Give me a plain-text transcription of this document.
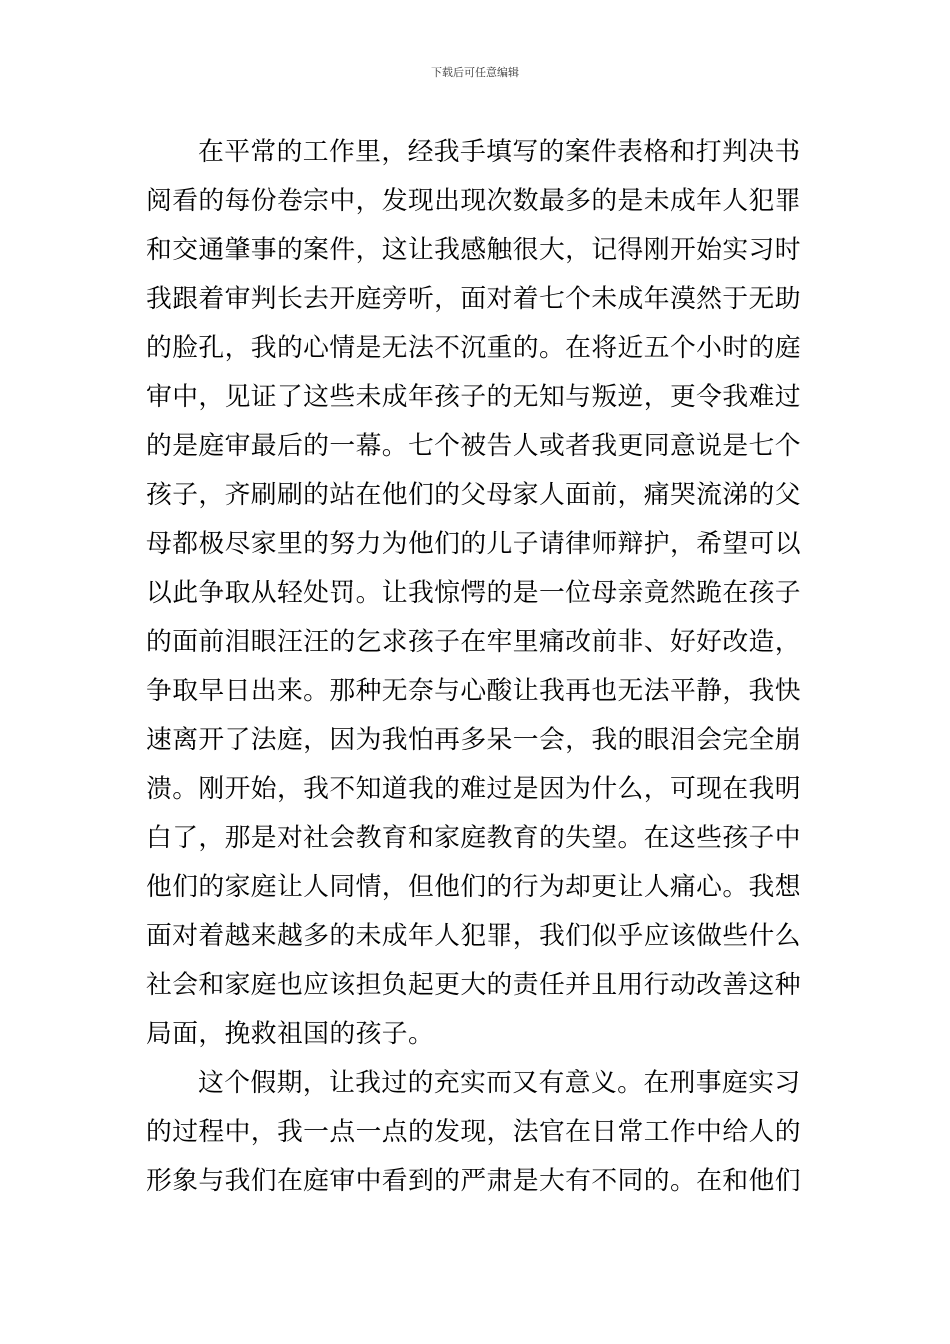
下载后可任意编辑

在平常的工作里，经我手填写的案件表格和打判决书
阅看的每份卷宗中，发现出现次数最多的是未成年人犯罪
和交通肇事的案件，这让我感触很大，记得刚开始实习时
我跟着审判长去开庭旁听，面对着七个未成年漠然于无助
的脸孔，我的心情是无法不沉重的。在将近五个小时的庭
审中，见证了这些未成年孩子的无知与叛逆，更令我难过
的是庭审最后的一幕。七个被告人或者我更同意说是七个
孩子，齐刷刷的站在他们的父母家人面前，痛哭流涕的父
母都极尽家里的努力为他们的儿子请律师辩护，希望可以
以此争取从轻处罚。让我惊愕的是一位母亲竟然跪在孩子
的面前泪眼汪汪的乞求孩子在牢里痛改前非、好好改造，
争取早日出来。那种无奈与心酸让我再也无法平静，我快
速离开了法庭，因为我怕再多呆一会，我的眼泪会完全崩
溃。刚开始，我不知道我的难过是因为什么，可现在我明
白了，那是对社会教育和家庭教育的失望。在这些孩子中
他们的家庭让人同情，但他们的行为却更让人痛心。我想
面对着越来越多的未成年人犯罪，我们似乎应该做些什么
社会和家庭也应该担负起更大的责任并且用行动改善这种
局面，挽救祖国的孩子。

这个假期，让我过的充实而又有意义。在刑事庭实习
的过程中，我一点一点的发现，法官在日常工作中给人的
形象与我们在庭审中看到的严肃是大有不同的。在和他们
